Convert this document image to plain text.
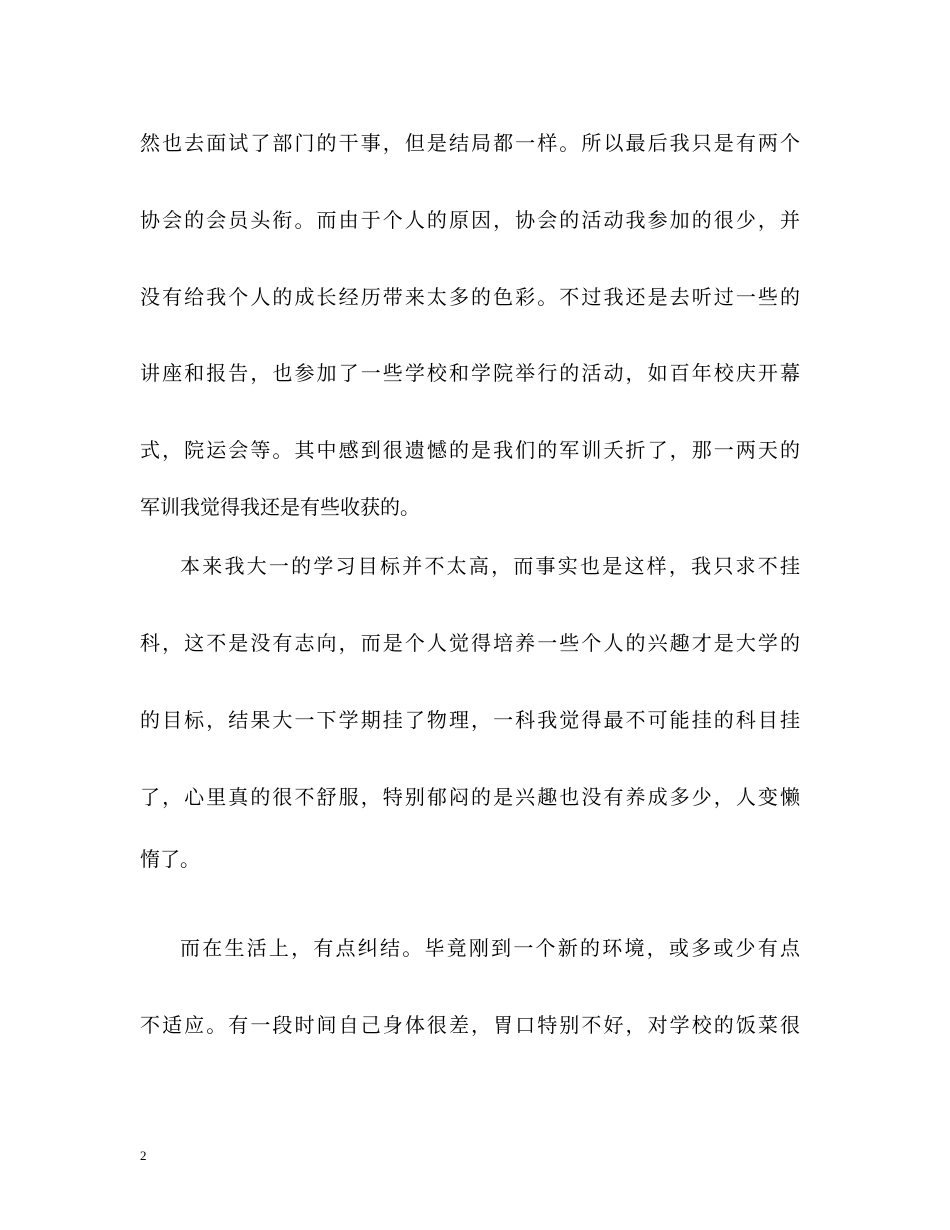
然也去面试了部门的干事，但是结局都一样。所以最后我只是有两个
协会的会员头衔。而由于个人的原因，协会的活动我参加的很少，并
没有给我个人的成长经历带来太多的色彩。不过我还是去听过一些的
讲座和报告，也参加了一些学校和学院举行的活动，如百年校庆开幕
式，院运会等。其中感到很遗憾的是我们的军训夭折了，那一两天的
军训我觉得我还是有些收获的。
本来我大一的学习目标并不太高，而事实也是这样，我只求不挂
科，这不是没有志向，而是个人觉得培养一些个人的兴趣才是大学的
的目标，结果大一下学期挂了物理，一科我觉得最不可能挂的科目挂
了，心里真的很不舒服，特别郁闷的是兴趣也没有养成多少，人变懒
惰了。
而在生活上，有点纠结。毕竟刚到一个新的环境，或多或少有点
不适应。有一段时间自己身体很差，胃口特别不好，对学校的饭菜很
2
